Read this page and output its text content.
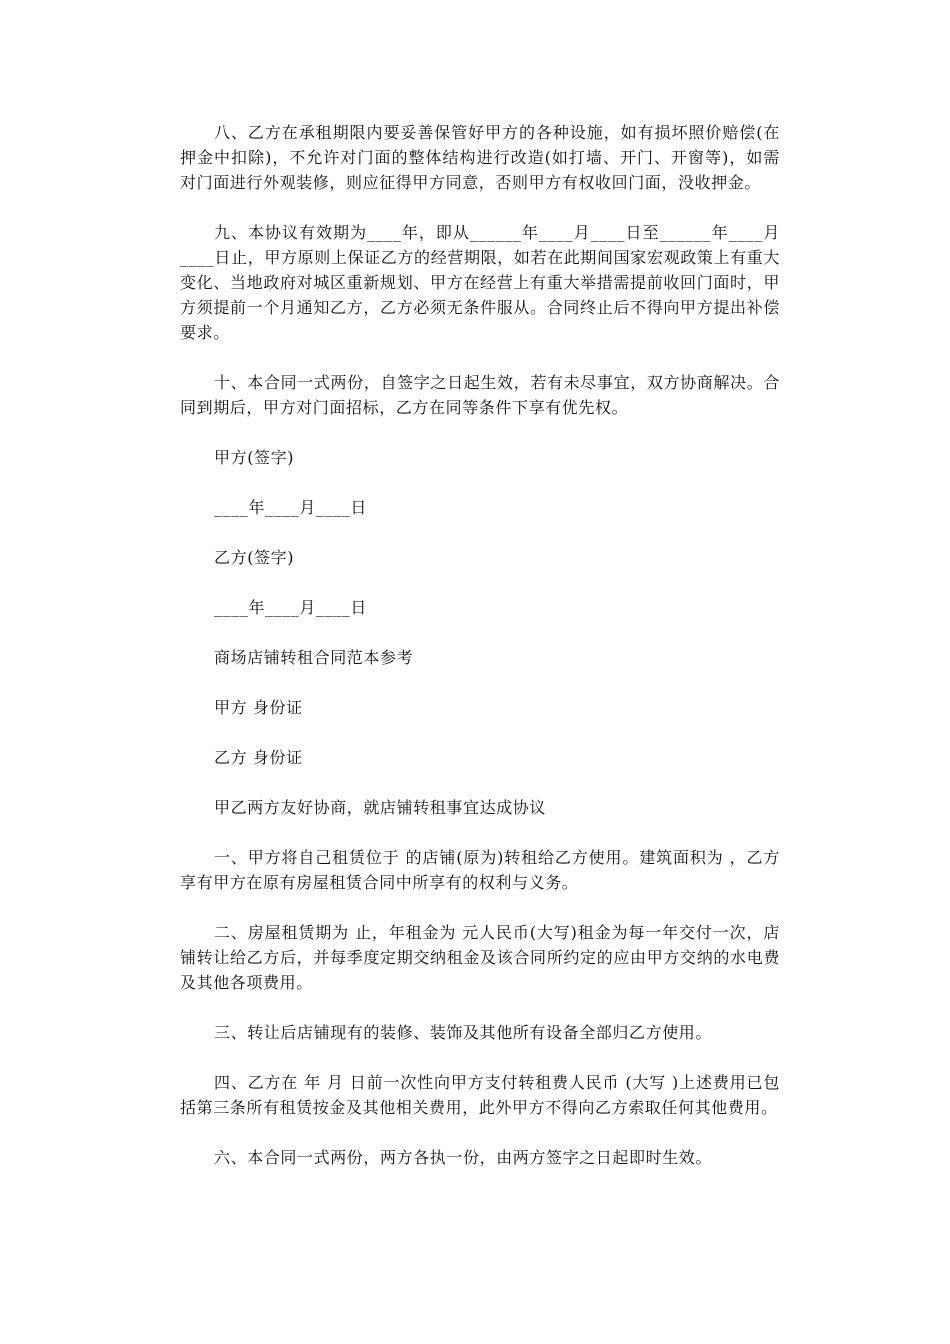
八、乙方在承租期限内要妥善保管好甲方的各种设施，如有损坏照价赔偿(在押金中扣除)，不允许对门面的整体结构进行改造(如打墙、开门、开窗等)，如需对门面进行外观装修，则应征得甲方同意，否则甲方有权收回门面，没收押金。

九、本协议有效期为____年，即从______年____月____日至______年____月____日止，甲方原则上保证乙方的经营期限，如若在此期间国家宏观政策上有重大变化、当地政府对城区重新规划、甲方在经营上有重大举措需提前收回门面时，甲方须提前一个月通知乙方，乙方必须无条件服从。合同终止后不得向甲方提出补偿要求。

十、本合同一式两份，自签字之日起生效，若有未尽事宜，双方协商解决。合同到期后，甲方对门面招标，乙方在同等条件下享有优先权。

甲方(签字)

____年____月____日

乙方(签字)

____年____月____日

商场店铺转租合同范本参考

甲方 身份证

乙方 身份证

甲乙两方友好协商，就店铺转租事宜达成协议

一、甲方将自己租赁位于 的店铺(原为)转租给乙方使用。建筑面积为 ，乙方享有甲方在原有房屋租赁合同中所享有的权利与义务。

二、房屋租赁期为 止，年租金为 元人民币(大写)租金为每一年交付一次，店铺转让给乙方后，并每季度定期交纳租金及该合同所约定的应由甲方交纳的水电费及其他各项费用。

三、转让后店铺现有的装修、装饰及其他所有设备全部归乙方使用。

四、乙方在 年 月 日前一次性向甲方支付转租费人民币 (大写 )上述费用已包括第三条所有租赁按金及其他相关费用，此外甲方不得向乙方索取任何其他费用。

六、本合同一式两份，两方各执一份，由两方签字之日起即时生效。
